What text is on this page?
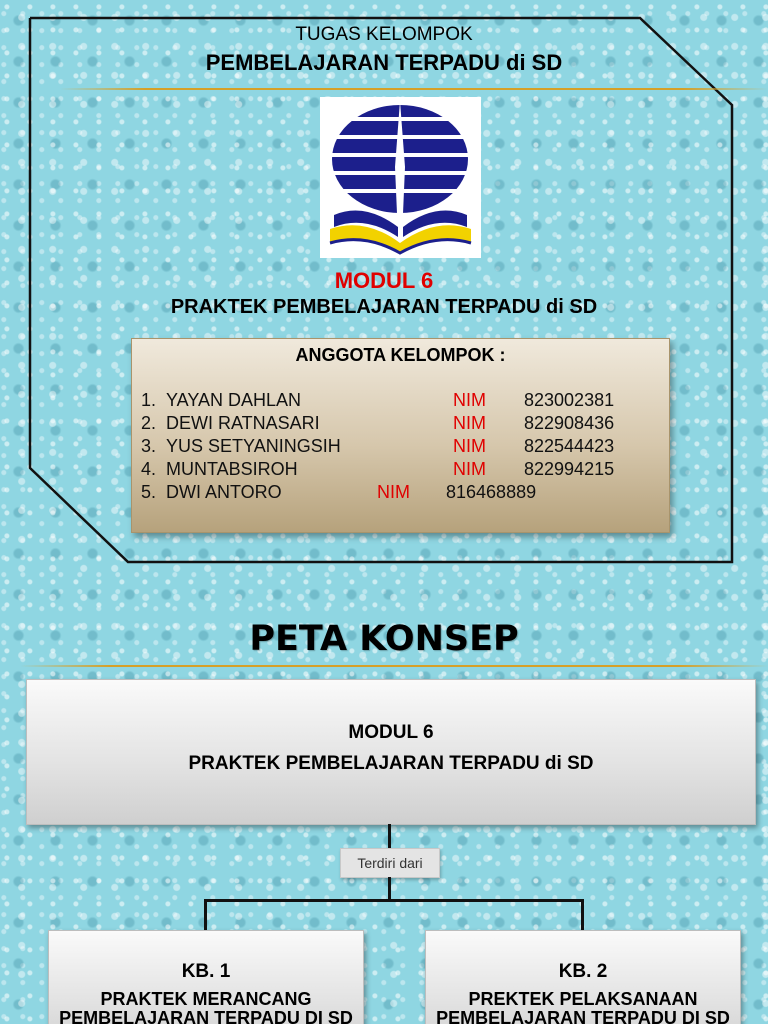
TUGAS KELOMPOK
PEMBELAJARAN TERPADU di SD
MODUL 6
PRAKTEK PEMBELAJARAN TERPADU di SD
ANGGOTA KELOMPOK :
1. YAYAN DAHLAN	NIM 823002381
2. DEWI RATNASARI	NIM 822908436
3. YUS SETYANINGSIH	NIM 822544423
4. MUNTABSIROH	NIM 822994215
5. DWI ANTORO	NIM 816468889
PETA KONSEP
MODUL 6
PRAKTEK PEMBELAJARAN TERPADU di SD
Terdiri dari
KB. 1
PRAKTEK MERANCANG
PEMBELAJARAN TERPADU DI SD
KB. 2
PREKTEK PELAKSANAAN
PEMBELAJARAN TERPADU DI SD
